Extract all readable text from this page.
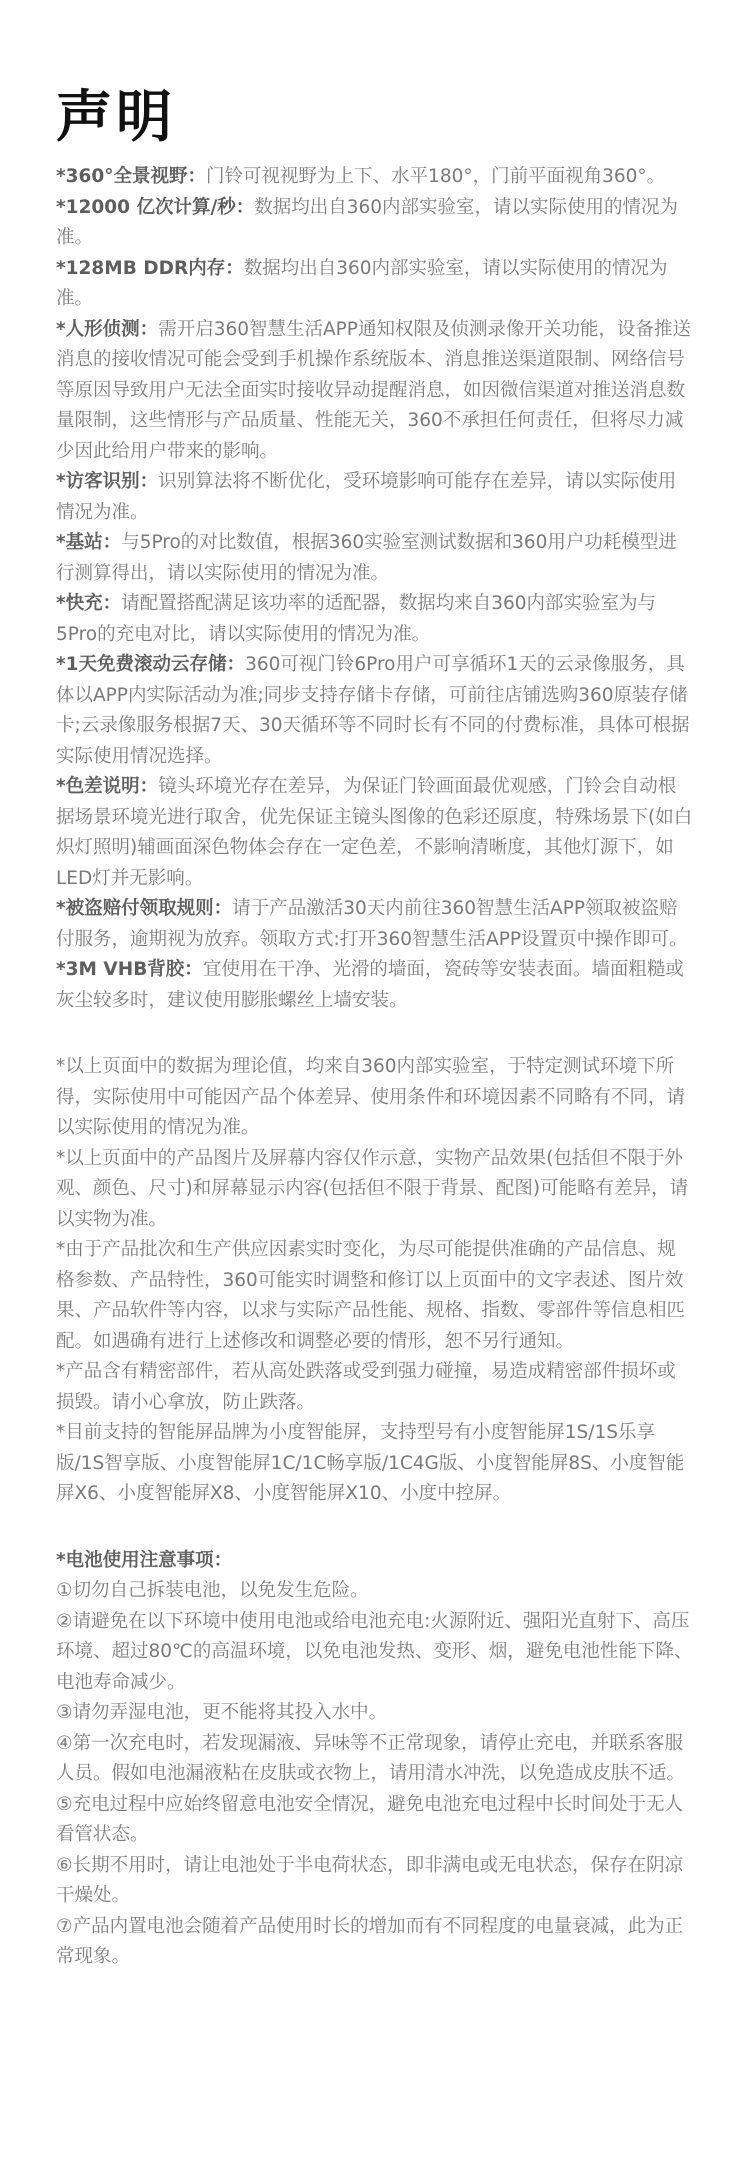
声明

*360°全景视野：门铃可视视野为上下、水平180°，门前平面视角360°。

*12000 亿次计算/秒：数据均出自360内部实验室，请以实际使用的情况为准。

*128MB DDR内存：数据均出自360内部实验室，请以实际使用的情况为准。

*人形侦测：需开启360智慧生活APP通知权限及侦测录像开关功能，设备推送消息的接收情况可能会受到手机操作系统版本、消息推送渠道限制、网络信号等原因导致用户无法全面实时接收异动提醒消息，如因微信渠道对推送消息数量限制，这些情形与产品质量、性能无关，360不承担任何责任，但将尽力减少因此给用户带来的影响。

*访客识别：识别算法将不断优化，受环境影响可能存在差异，请以实际使用情况为准。

*基站：与5Pro的对比数值，根据360实验室测试数据和360用户功耗模型进行测算得出，请以实际使用的情况为准。

*快充：请配置搭配满足该功率的适配器，数据均来自360内部实验室为与5Pro的充电对比，请以实际使用的情况为准。

*1天免费滚动云存储：360可视门铃6Pro用户可享循环1天的云录像服务，具体以APP内实际活动为准;同步支持存储卡存储，可前往店铺选购360原装存储卡;云录像服务根据7天、30天循环等不同时长有不同的付费标准，具体可根据实际使用情况选择。

*色差说明：镜头环境光存在差异，为保证门铃画面最优观感，门铃会自动根据场景环境光进行取舍，优先保证主镜头图像的色彩还原度，特殊场景下(如白炽灯照明)辅画面深色物体会存在一定色差，不影响清晰度，其他灯源下，如LED灯并无影响。

*被盗赔付领取规则：请于产品激活30天内前往360智慧生活APP领取被盗赔付服务，逾期视为放弃。领取方式:打开360智慧生活APP设置页中操作即可。

*3M VHB背胶：宜使用在干净、光滑的墙面，瓷砖等安装表面。墙面粗糙或灰尘较多时，建议使用膨胀螺丝上墙安装。

*以上页面中的数据为理论值，均来自360内部实验室，于特定测试环境下所得，实际使用中可能因产品个体差异、使用条件和环境因素不同略有不同，请以实际使用的情况为准。

*以上页面中的产品图片及屏幕内容仅作示意，实物产品效果(包括但不限于外观、颜色、尺寸)和屏幕显示内容(包括但不限于背景、配图)可能略有差异，请以实物为准。

*由于产品批次和生产供应因素实时变化，为尽可能提供准确的产品信息、规格参数、产品特性，360可能实时调整和修订以上页面中的文字表述、图片效果、产品软件等内容，以求与实际产品性能、规格、指数、零部件等信息相匹配。如遇确有进行上述修改和调整必要的情形，恕不另行通知。

*产品含有精密部件，若从高处跌落或受到强力碰撞，易造成精密部件损坏或损毁。请小心拿放，防止跌落。

*目前支持的智能屏品牌为小度智能屏，支持型号有小度智能屏1S/1S乐享版/1S智享版、小度智能屏1C/1C畅享版/1C4G版、小度智能屏8S、小度智能屏X6、小度智能屏X8、小度智能屏X10、小度中控屏。

*电池使用注意事项：

①切勿自己拆装电池，以免发生危险。

②请避免在以下环境中使用电池或给电池充电:火源附近、强阳光直射下、高压环境、超过80℃的高温环境，以免电池发热、变形、烟，避免电池性能下降、电池寿命减少。

③请勿弄湿电池，更不能将其投入水中。

④第一次充电时，若发现漏液、异味等不正常现象，请停止充电，并联系客服人员。假如电池漏液粘在皮肤或衣物上，请用清水冲洗，以免造成皮肤不适。

⑤充电过程中应始终留意电池安全情况，避免电池充电过程中长时间处于无人看管状态。

⑥长期不用时，请让电池处于半电荷状态，即非满电或无电状态，保存在阴凉干燥处。

⑦产品内置电池会随着产品使用时长的增加而有不同程度的电量衰减，此为正常现象。
